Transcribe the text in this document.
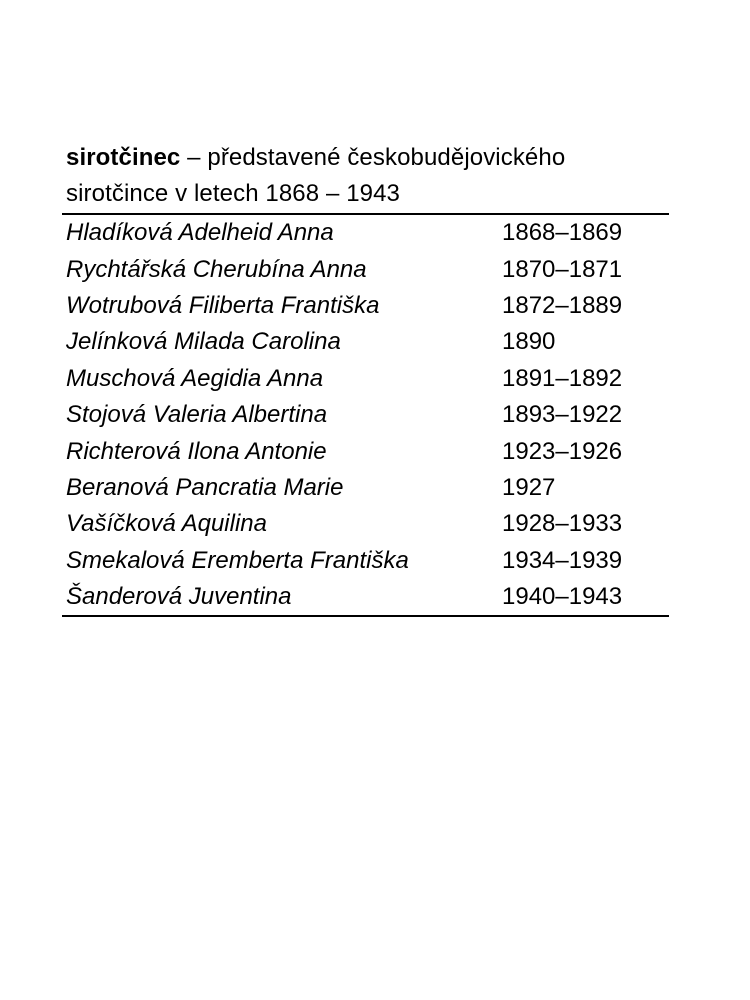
sirotčinec – představené českobudějovického
sirotčince v letech 1868 – 1943

Hladíková Adelheid Anna	1868–1869
Rychtářská Cherubína Anna	1870–1871
Wotrubová Filiberta Františka	1872–1889
Jelínková Milada Carolina	1890
Muschová Aegidia Anna	1891–1892
Stojová Valeria Albertina	1893–1922
Richterová Ilona Antonie	1923–1926
Beranová Pancratia Marie	1927
Vašíčková Aquilina	1928–1933
Smekalová Eremberta Františka	1934–1939
Šanderová Juventina	1940–1943
